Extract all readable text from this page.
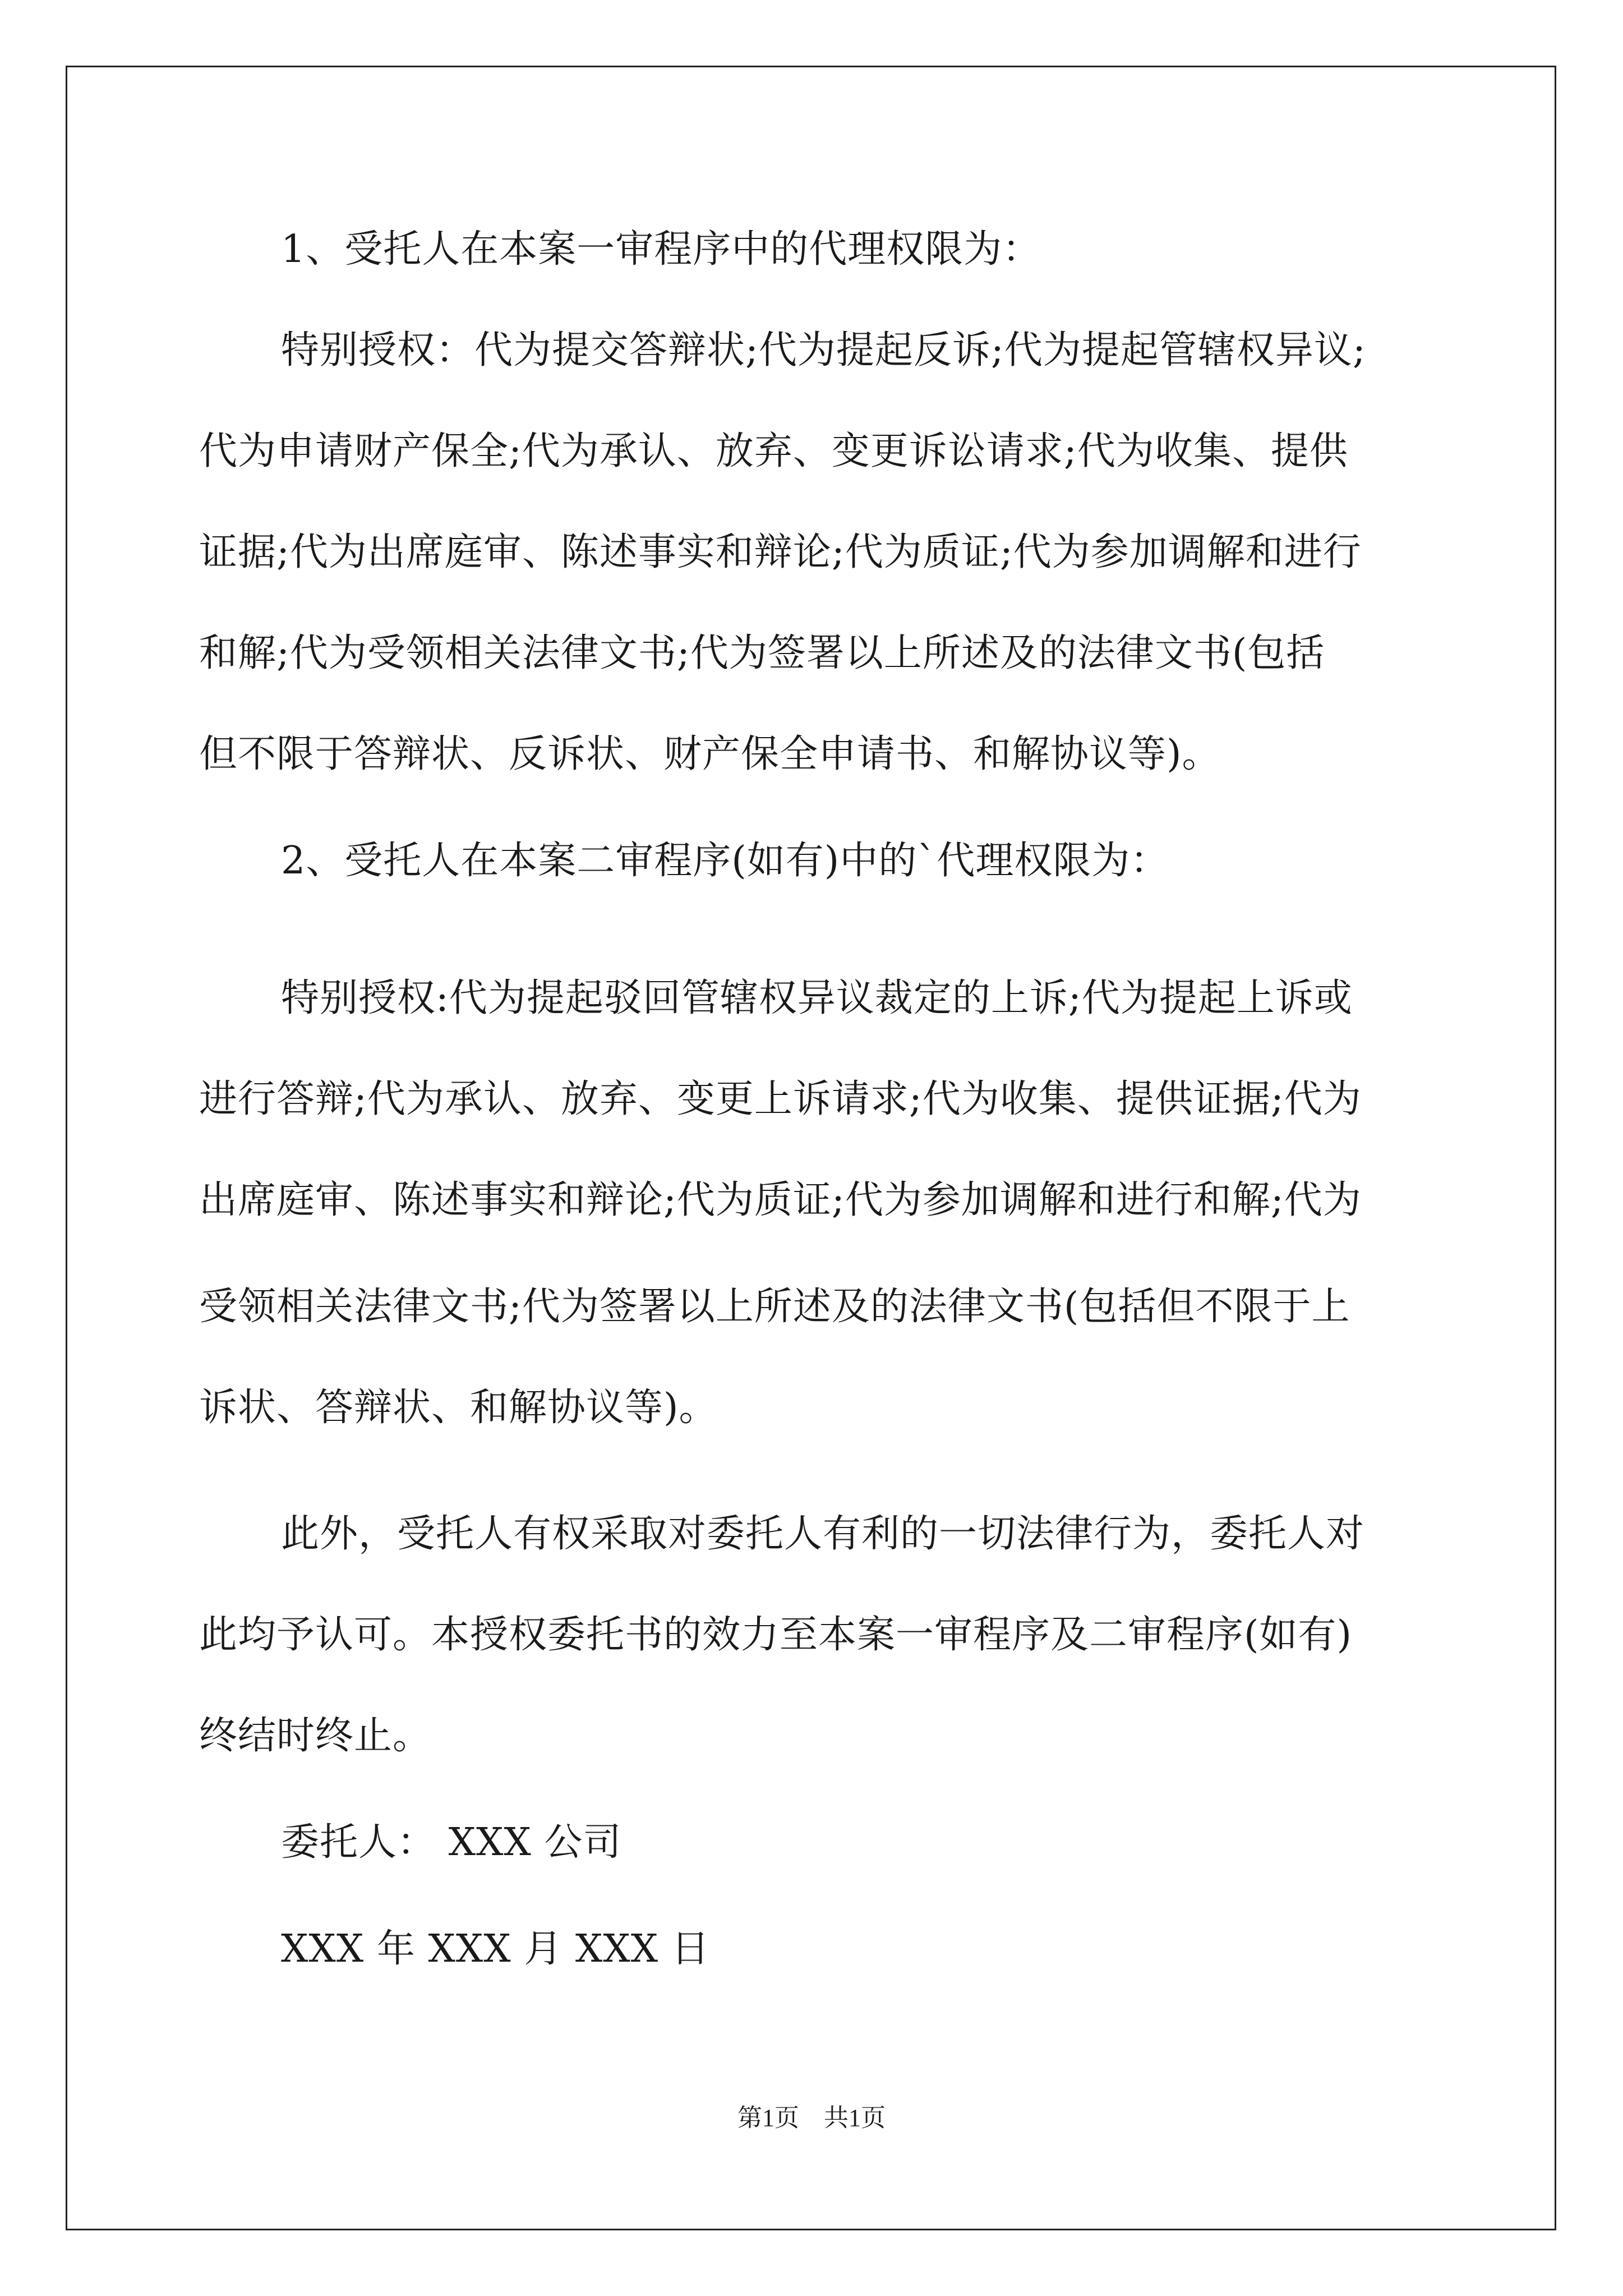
1、受托人在本案一审程序中的代理权限为：
特别授权：代为提交答辩状;代为提起反诉;代为提起管辖权异议;
代为申请财产保全;代为承认、放弃、变更诉讼请求;代为收集、提供
证据;代为出席庭审、陈述事实和辩论;代为质证;代为参加调解和进行
和解;代为受领相关法律文书;代为签署以上所述及的法律文书(包括
但不限于答辩状、反诉状、财产保全申请书、和解协议等)。
2、受托人在本案二审程序(如有)中的`代理权限为：
特别授权:代为提起驳回管辖权异议裁定的上诉;代为提起上诉或
进行答辩;代为承认、放弃、变更上诉请求;代为收集、提供证据;代为
出席庭审、陈述事实和辩论;代为质证;代为参加调解和进行和解;代为
受领相关法律文书;代为签署以上所述及的法律文书(包括但不限于上
诉状、答辩状、和解协议等)。
此外，受托人有权采取对委托人有利的一切法律行为，委托人对
此均予认可。本授权委托书的效力至本案一审程序及二审程序(如有)
终结时终止。
委托人： XXX 公司
XXX 年 XXX 月 XXX 日
第1页 共1页
